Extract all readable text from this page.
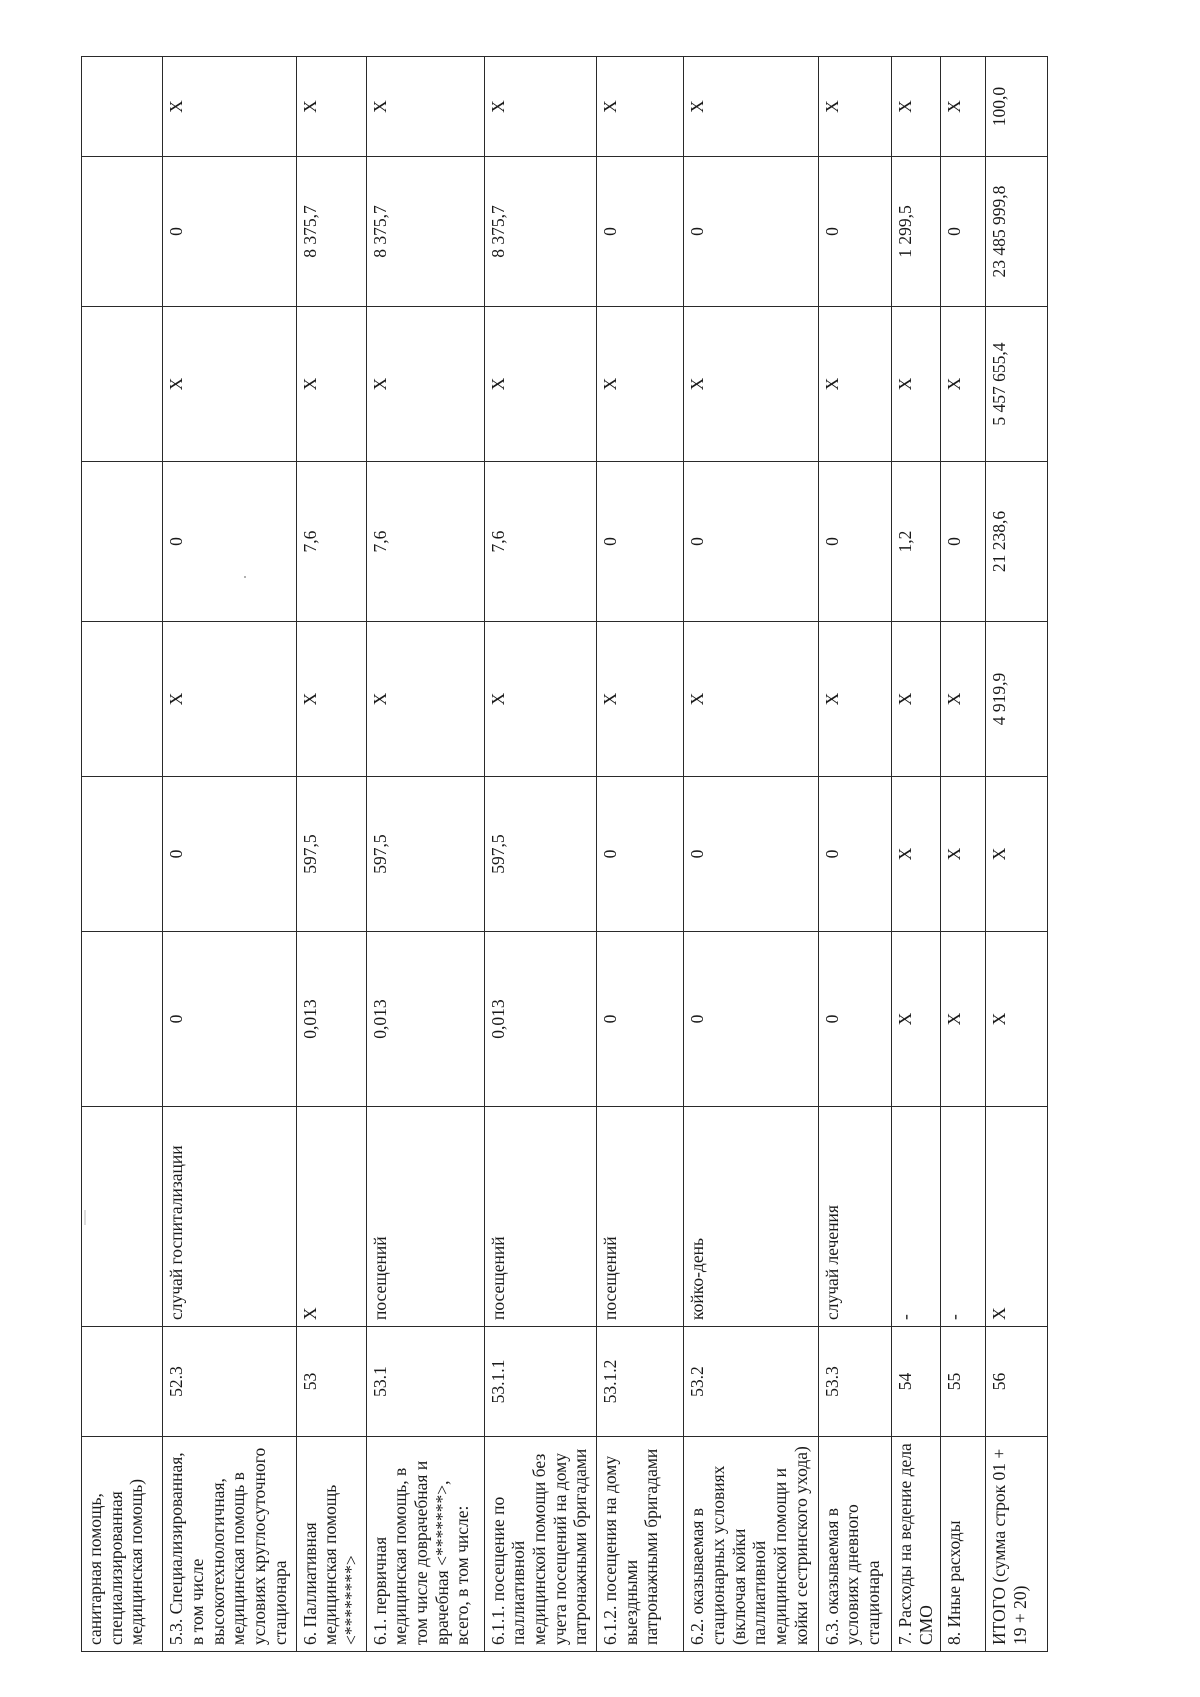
санитарная помощь, специализированная медицинская помощь)									
5.3. Специализированная, в том числе высокотехнологичная, медицинская помощь в условиях круглосуточного стационара	52.3	случай госпитализации	0	0	X	0	X	0	X
6. Паллиативная медицинская помощь <********>	53	X	0,013	597,5	X	7,6	X	8 375,7	X
6.1. первичная медицинская помощь, в том числе доврачебная и врачебная <*******>, всего, в том числе:	53.1	посещений	0,013	597,5	X	7,6	X	8 375,7	X
6.1.1. посещение по паллиативной медицинской помощи без учета посещений на дому патронажными бригадами	53.1.1	посещений	0,013	597,5	X	7,6	X	8 375,7	X
6.1.2. посещения на дому выездными патронажными бригадами	53.1.2	посещений	0	0	X	0	X	0	X
6.2. оказываемая в стационарных условиях (включая койки паллиативной медицинской помощи и койки сестринского ухода)	53.2	койко-день	0	0	X	0	X	0	X
6.3. оказываемая в условиях дневного стационара	53.3	случай лечения	0	0	X	0	X	0	X
7. Расходы на ведение дела СМО	54	-	X	X	X	1,2	X	1 299,5	X
8. Иные расходы	55	-	X	X	X	0	X	0	X
ИТОГО (сумма строк 01 + 19 + 20)	56	X	X	X	4 919,9	21 238,6	5 457 655,4	23 485 999,8	100,0
